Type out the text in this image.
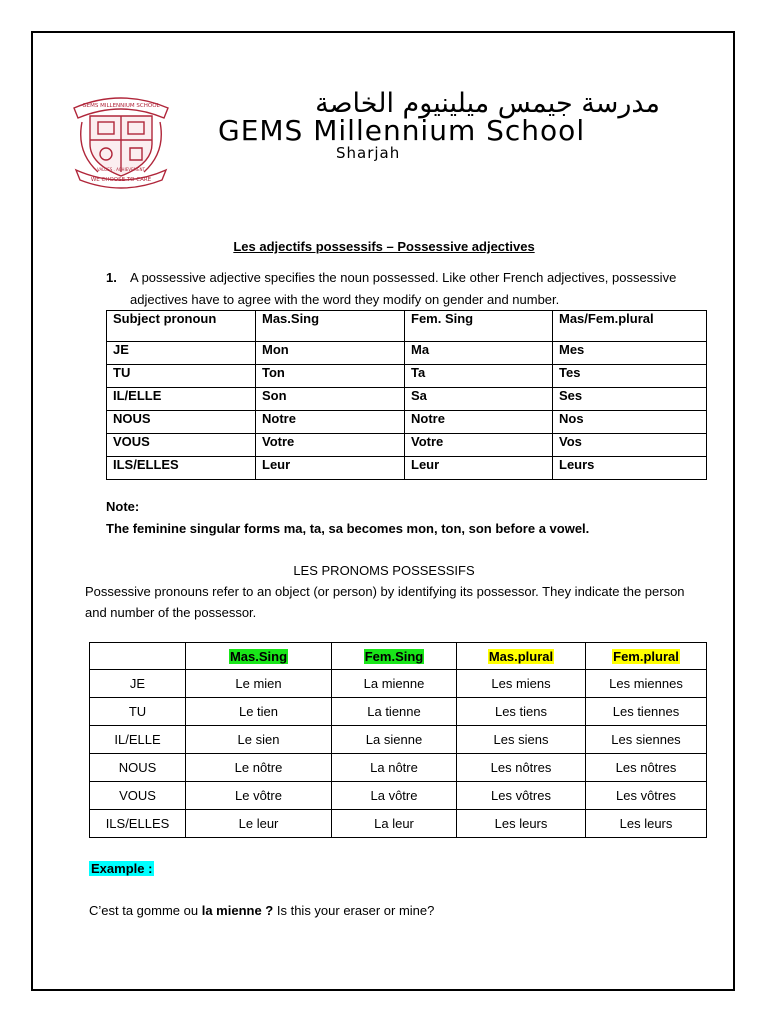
GEMS MILLENNIUM SCHOOL
VALUES . ACHIEVEMENT
WE CHOOSE TO CARE
مدرسة جيمس ميلينيوم الخاصة
GEMS Millennium School
Sharjah
Les adjectifs possessifs – Possessive adjectives
1. A possessive adjective specifies the noun possessed. Like other French adjectives, possessive adjectives have to agree with the word they modify on gender and number.
Subject pronoun	Mas.Sing	Fem. Sing	Mas/Fem.plural
JE	Mon	Ma	Mes
TU	Ton	Ta	Tes
IL/ELLE	Son	Sa	Ses
NOUS	Notre	Notre	Nos
VOUS	Votre	Votre	Vos
ILS/ELLES	Leur	Leur	Leurs
Note:
The feminine singular forms ma, ta, sa becomes mon, ton, son before a vowel.
LES PRONOMS POSSESSIFS
Possessive pronouns refer to an object (or person) by identifying its possessor. They indicate the person and number of the possessor.
	Mas.Sing	Fem.Sing	Mas.plural	Fem.plural
JE	Le mien	La mienne	Les miens	Les miennes
TU	Le tien	La tienne	Les tiens	Les tiennes
IL/ELLE	Le sien	La sienne	Les siens	Les siennes
NOUS	Le nôtre	La nôtre	Les nôtres	Les nôtres
VOUS	Le vôtre	La vôtre	Les vôtres	Les vôtres
ILS/ELLES	Le leur	La leur	Les leurs	Les leurs
Example :
C’est ta gomme ou la mienne ? Is this your eraser or mine?
